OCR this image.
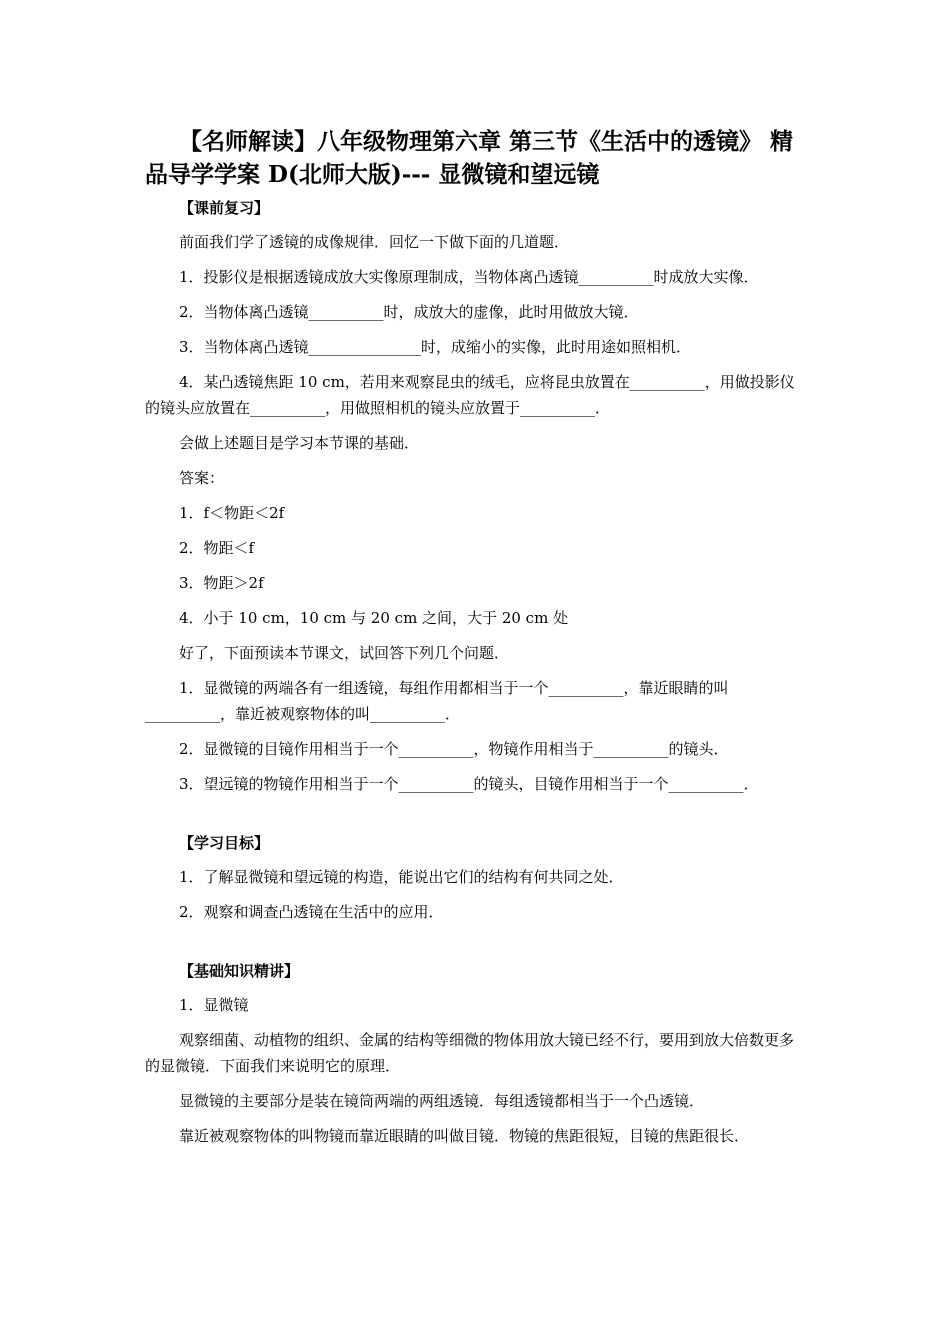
【名师解读】八年级物理第六章 第三节《生活中的透镜》 精品导学学案 D(北师大版)--- 显微镜和望远镜
【课前复习】
前面我们学了透镜的成像规律．回忆一下做下面的几道题．
1．投影仪是根据透镜成放大实像原理制成，当物体离凸透镜__________时成放大实像．
2．当物体离凸透镜__________时，成放大的虚像，此时用做放大镜．
3．当物体离凸透镜_______________时，成缩小的实像，此时用途如照相机．
4．某凸透镜焦距 10 cm，若用来观察昆虫的绒毛，应将昆虫放置在__________，用做投影仪的镜头应放置在__________，用做照相机的镜头应放置于__________．
会做上述题目是学习本节课的基础．
答案：
1．f＜物距＜2f
2．物距＜f
3．物距＞2f
4．小于 10 cm，10 cm 与 20 cm 之间，大于 20 cm 处
好了，下面预读本节课文，试回答下列几个问题．
1．显微镜的两端各有一组透镜，每组作用都相当于一个__________，靠近眼睛的叫__________，靠近被观察物体的叫__________．
2．显微镜的目镜作用相当于一个__________，物镜作用相当于__________的镜头．
3．望远镜的物镜作用相当于一个__________的镜头，目镜作用相当于一个__________．
【学习目标】
1．了解显微镜和望远镜的构造，能说出它们的结构有何共同之处．
2．观察和调查凸透镜在生活中的应用．
【基础知识精讲】
1．显微镜
观察细菌、动植物的组织、金属的结构等细微的物体用放大镜已经不行，要用到放大倍数更多的显微镜．下面我们来说明它的原理．
显微镜的主要部分是装在镜筒两端的两组透镜．每组透镜都相当于一个凸透镜．
靠近被观察物体的叫物镜而靠近眼睛的叫做目镜．物镜的焦距很短，目镜的焦距很长．
